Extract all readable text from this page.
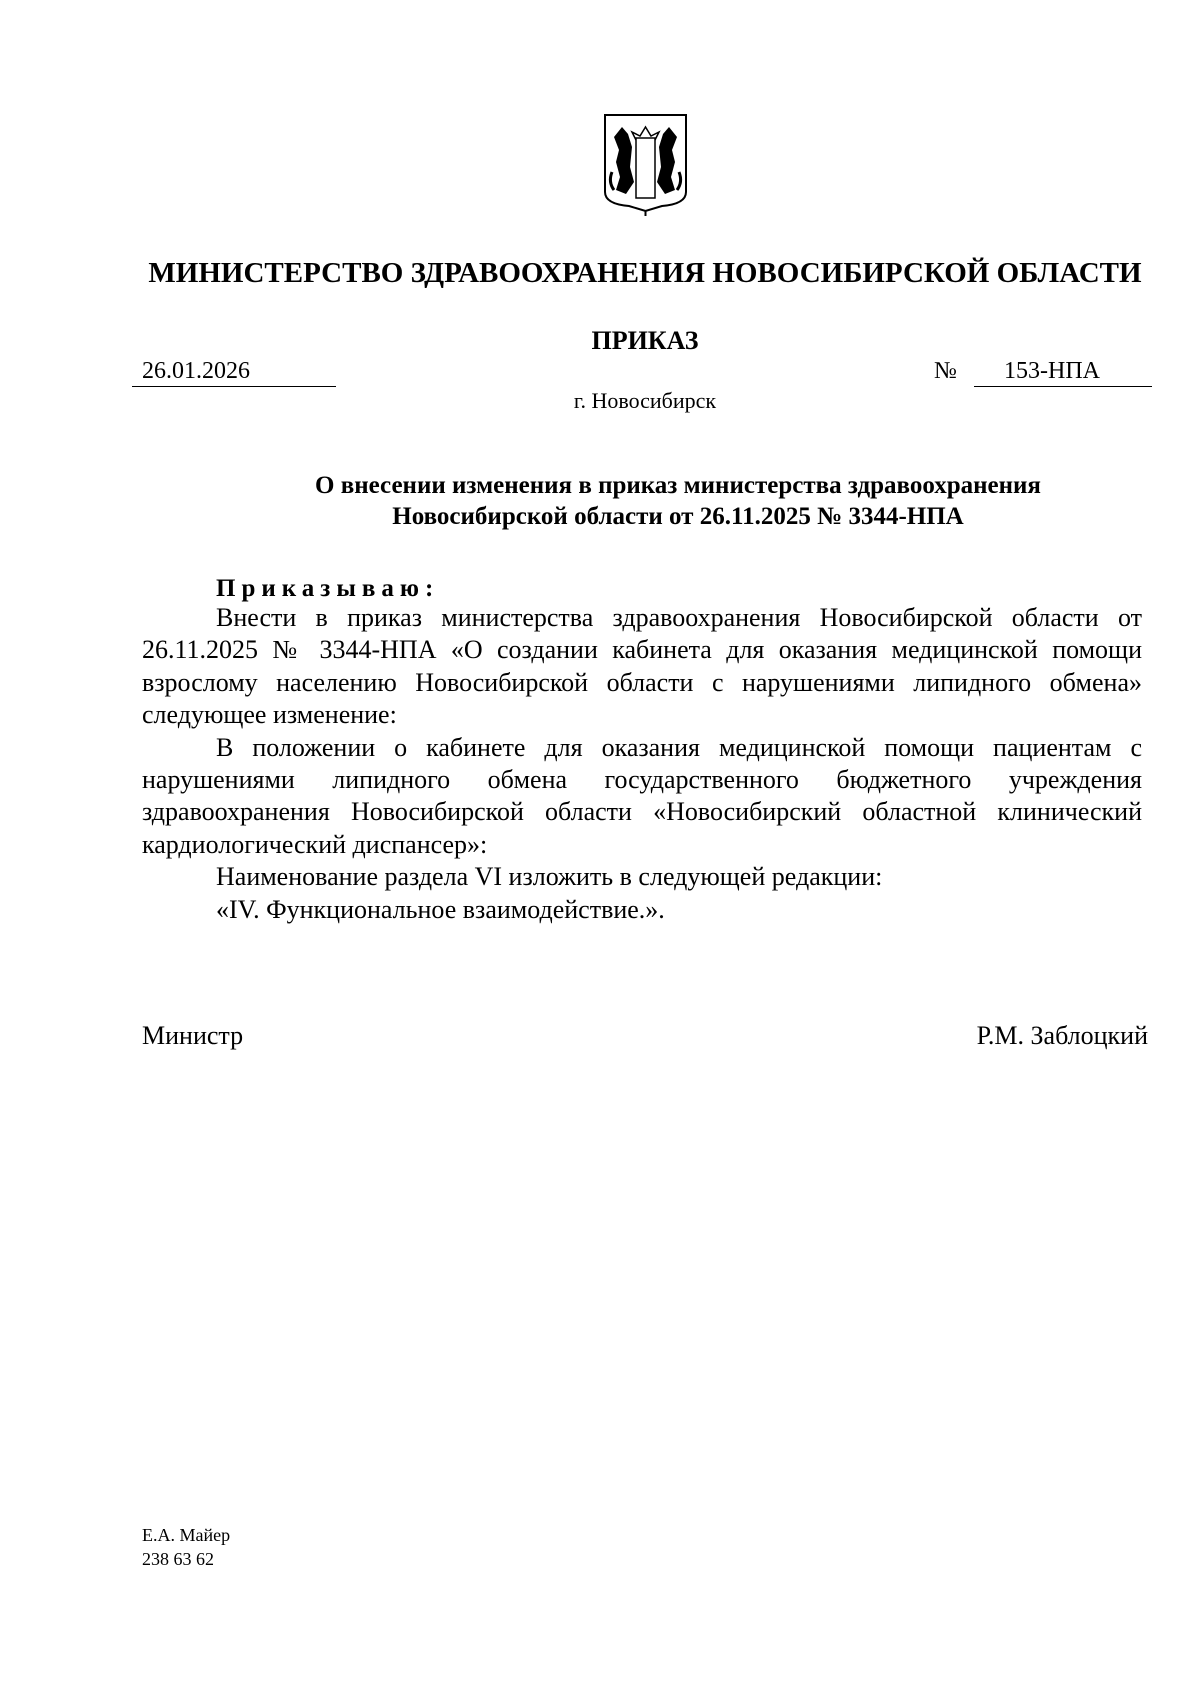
МИНИСТЕРСТВО ЗДРАВООХРАНЕНИЯ НОВОСИБИРСКОЙ ОБЛАСТИ
ПРИКАЗ
26.01.2026	№	153-НПА
г. Новосибирск
О внесении изменения в приказ министерства здравоохранения
Новосибирской области от 26.11.2025 № 3344-НПА
Приказываю:

Внести в приказ министерства здравоохранения Новосибирской области от 26.11.2025 № 3344-НПА «О создании кабинета для оказания медицинской помощи взрослому населению Новосибирской области с нарушениями липидного обмена» следующее изменение:

В положении о кабинете для оказания медицинской помощи пациентам с нарушениями липидного обмена государственного бюджетного учреждения здравоохранения Новосибирской области «Новосибирский областной клинический кардиологический диспансер»:

Наименование раздела VI изложить в следующей редакции:

«IV. Функциональное взаимодействие.».

Министр	Р.М. Заблоцкий
Е.А. Майер
238 63 62
